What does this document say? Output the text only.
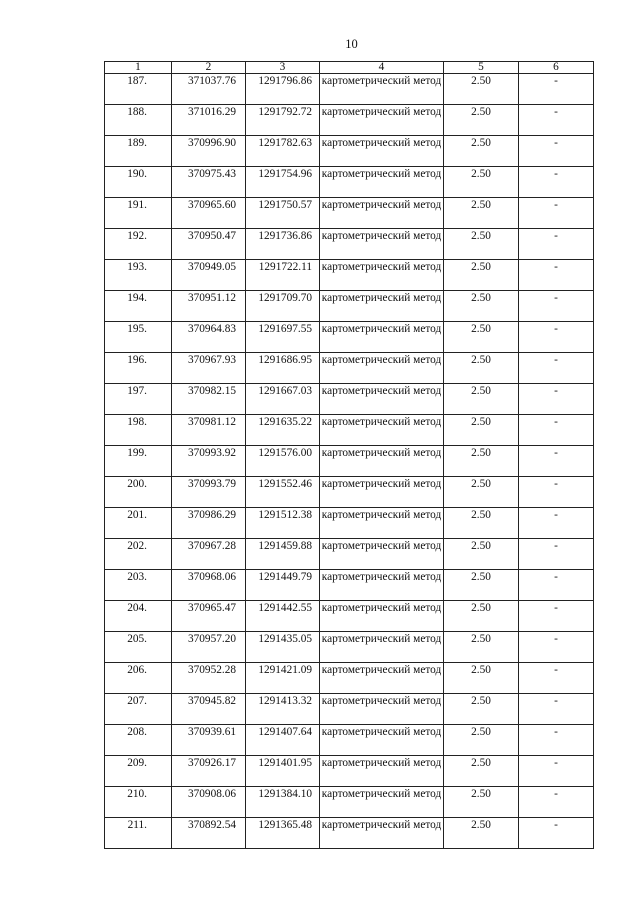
10
1	2	3	4	5	6
187.	371037.76	1291796.86	картометрический метод	2.50	-
188.	371016.29	1291792.72	картометрический метод	2.50	-
189.	370996.90	1291782.63	картометрический метод	2.50	-
190.	370975.43	1291754.96	картометрический метод	2.50	-
191.	370965.60	1291750.57	картометрический метод	2.50	-
192.	370950.47	1291736.86	картометрический метод	2.50	-
193.	370949.05	1291722.11	картометрический метод	2.50	-
194.	370951.12	1291709.70	картометрический метод	2.50	-
195.	370964.83	1291697.55	картометрический метод	2.50	-
196.	370967.93	1291686.95	картометрический метод	2.50	-
197.	370982.15	1291667.03	картометрический метод	2.50	-
198.	370981.12	1291635.22	картометрический метод	2.50	-
199.	370993.92	1291576.00	картометрический метод	2.50	-
200.	370993.79	1291552.46	картометрический метод	2.50	-
201.	370986.29	1291512.38	картометрический метод	2.50	-
202.	370967.28	1291459.88	картометрический метод	2.50	-
203.	370968.06	1291449.79	картометрический метод	2.50	-
204.	370965.47	1291442.55	картометрический метод	2.50	-
205.	370957.20	1291435.05	картометрический метод	2.50	-
206.	370952.28	1291421.09	картометрический метод	2.50	-
207.	370945.82	1291413.32	картометрический метод	2.50	-
208.	370939.61	1291407.64	картометрический метод	2.50	-
209.	370926.17	1291401.95	картометрический метод	2.50	-
210.	370908.06	1291384.10	картометрический метод	2.50	-
211.	370892.54	1291365.48	картометрический метод	2.50	-
